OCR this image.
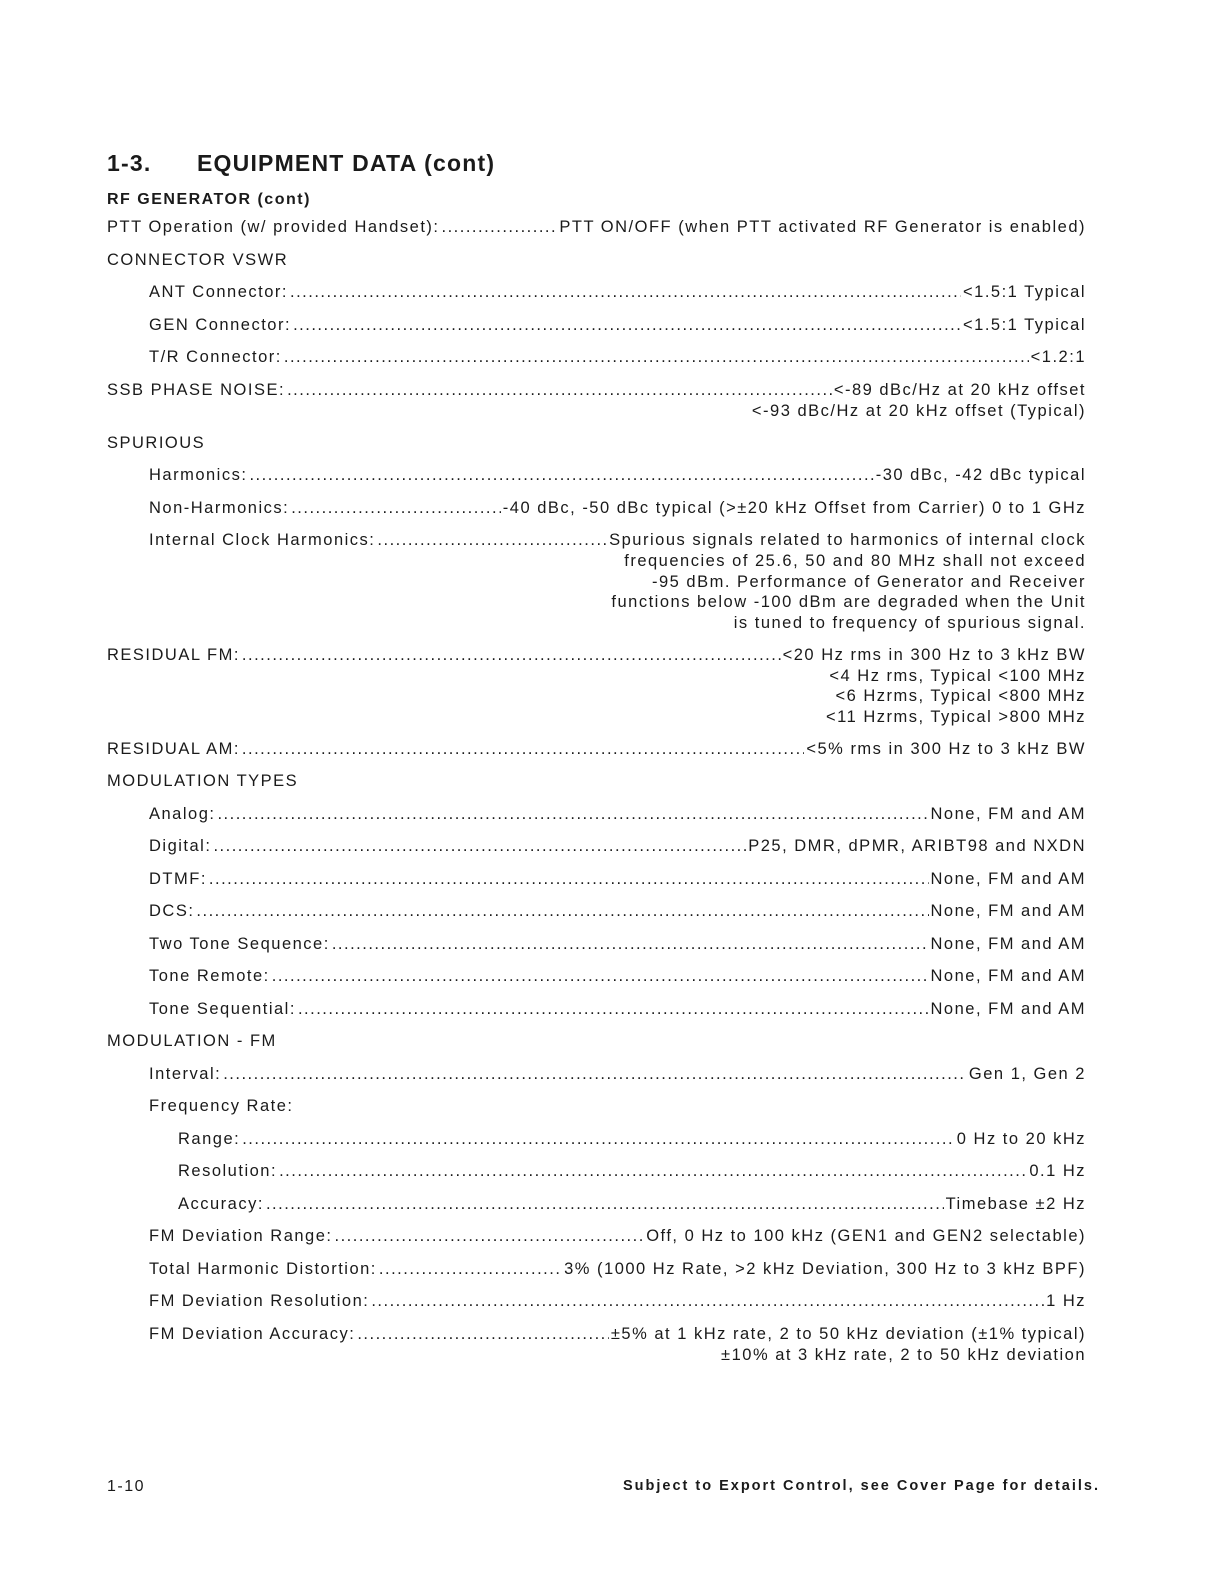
1-3.	EQUIPMENT DATA (cont)
RF GENERATOR (cont)
PTT Operation (w/ provided Handset): .....	PTT ON/OFF (when PTT activated RF Generator is enabled)
CONNECTOR VSWR
ANT Connector: .....	<1.5:1 Typical
GEN Connector: .....	<1.5:1 Typical
T/R Connector: .....	<1.2:1
SSB PHASE NOISE: .....	<-89 dBc/Hz at 20 kHz offset
<-93 dBc/Hz at 20 kHz offset (Typical)
SPURIOUS
Harmonics: .....	-30 dBc, -42 dBc typical
Non-Harmonics: .....	-40 dBc, -50 dBc typical (>±20 kHz Offset from Carrier) 0 to 1 GHz
Internal Clock Harmonics: .....	Spurious signals related to harmonics of internal clock
frequencies of 25.6, 50 and 80 MHz shall not exceed
-95 dBm. Performance of Generator and Receiver
functions below -100 dBm are degraded when the Unit
is tuned to frequency of spurious signal.
RESIDUAL FM: .....	<20 Hz rms in 300 Hz to 3 kHz BW
<4 Hz rms, Typical <100 MHz
<6 Hzrms, Typical <800 MHz
<11 Hzrms, Typical >800 MHz
RESIDUAL AM: .....	<5% rms in 300 Hz to 3 kHz BW
MODULATION TYPES
Analog: .....	None, FM and AM
Digital: .....	P25, DMR, dPMR, ARIBT98 and NXDN
DTMF: .....	None, FM and AM
DCS: .....	None, FM and AM
Two Tone Sequence: .....	None, FM and AM
Tone Remote: .....	None, FM and AM
Tone Sequential: .....	None, FM and AM
MODULATION - FM
Interval: .....	Gen 1, Gen 2
Frequency Rate:
Range: .....	0 Hz to 20 kHz
Resolution: .....	0.1 Hz
Accuracy: .....	Timebase ±2 Hz
FM Deviation Range: .....	Off, 0 Hz to 100 kHz (GEN1 and GEN2 selectable)
Total Harmonic Distortion: .....	3% (1000 Hz Rate, >2 kHz Deviation, 300 Hz to 3 kHz BPF)
FM Deviation Resolution: .....	1 Hz
FM Deviation Accuracy: .....	±5% at 1 kHz rate, 2 to 50 kHz deviation (±1% typical)
±10% at 3 kHz rate, 2 to 50 kHz deviation
1-10	Subject to Export Control, see Cover Page for details.
